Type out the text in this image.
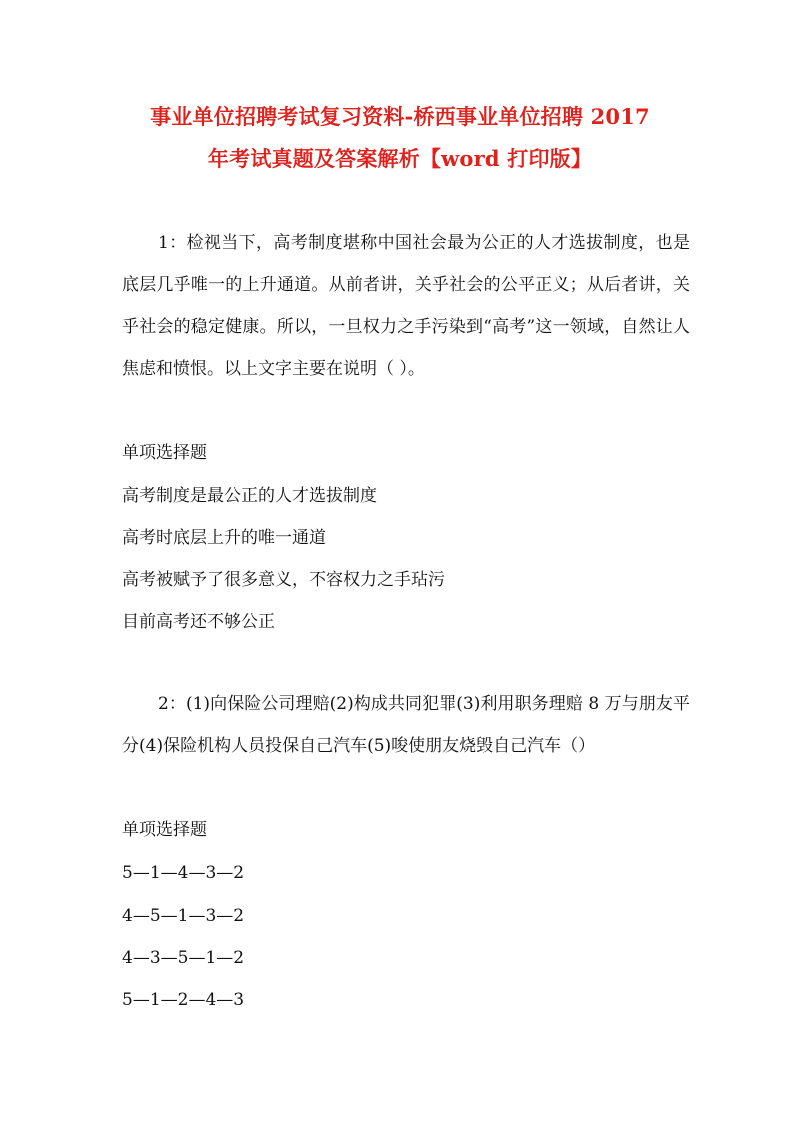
事业单位招聘考试复习资料-桥西事业单位招聘 2017
年考试真题及答案解析【word 打印版】
1：检视当下，高考制度堪称中国社会最为公正的人才选拔制度，也是底层几乎唯一的上升通道。从前者讲，关乎社会的公平正义；从后者讲，关乎社会的稳定健康。所以，一旦权力之手污染到“高考”这一领域，自然让人焦虑和愤恨。以上文字主要在说明（ ）。
单项选择题
高考制度是最公正的人才选拔制度
高考时底层上升的唯一通道
高考被赋予了很多意义，不容权力之手玷污
目前高考还不够公正
2：(1)向保险公司理赔(2)构成共同犯罪(3)利用职务理赔 8 万与朋友平分(4)保险机构人员投保自己汽车(5)唆使朋友烧毁自己汽车（）
单项选择题
5—1—4—3—2
4—5—1—3—2
4—3—5—1—2
5—1—2—4—3
